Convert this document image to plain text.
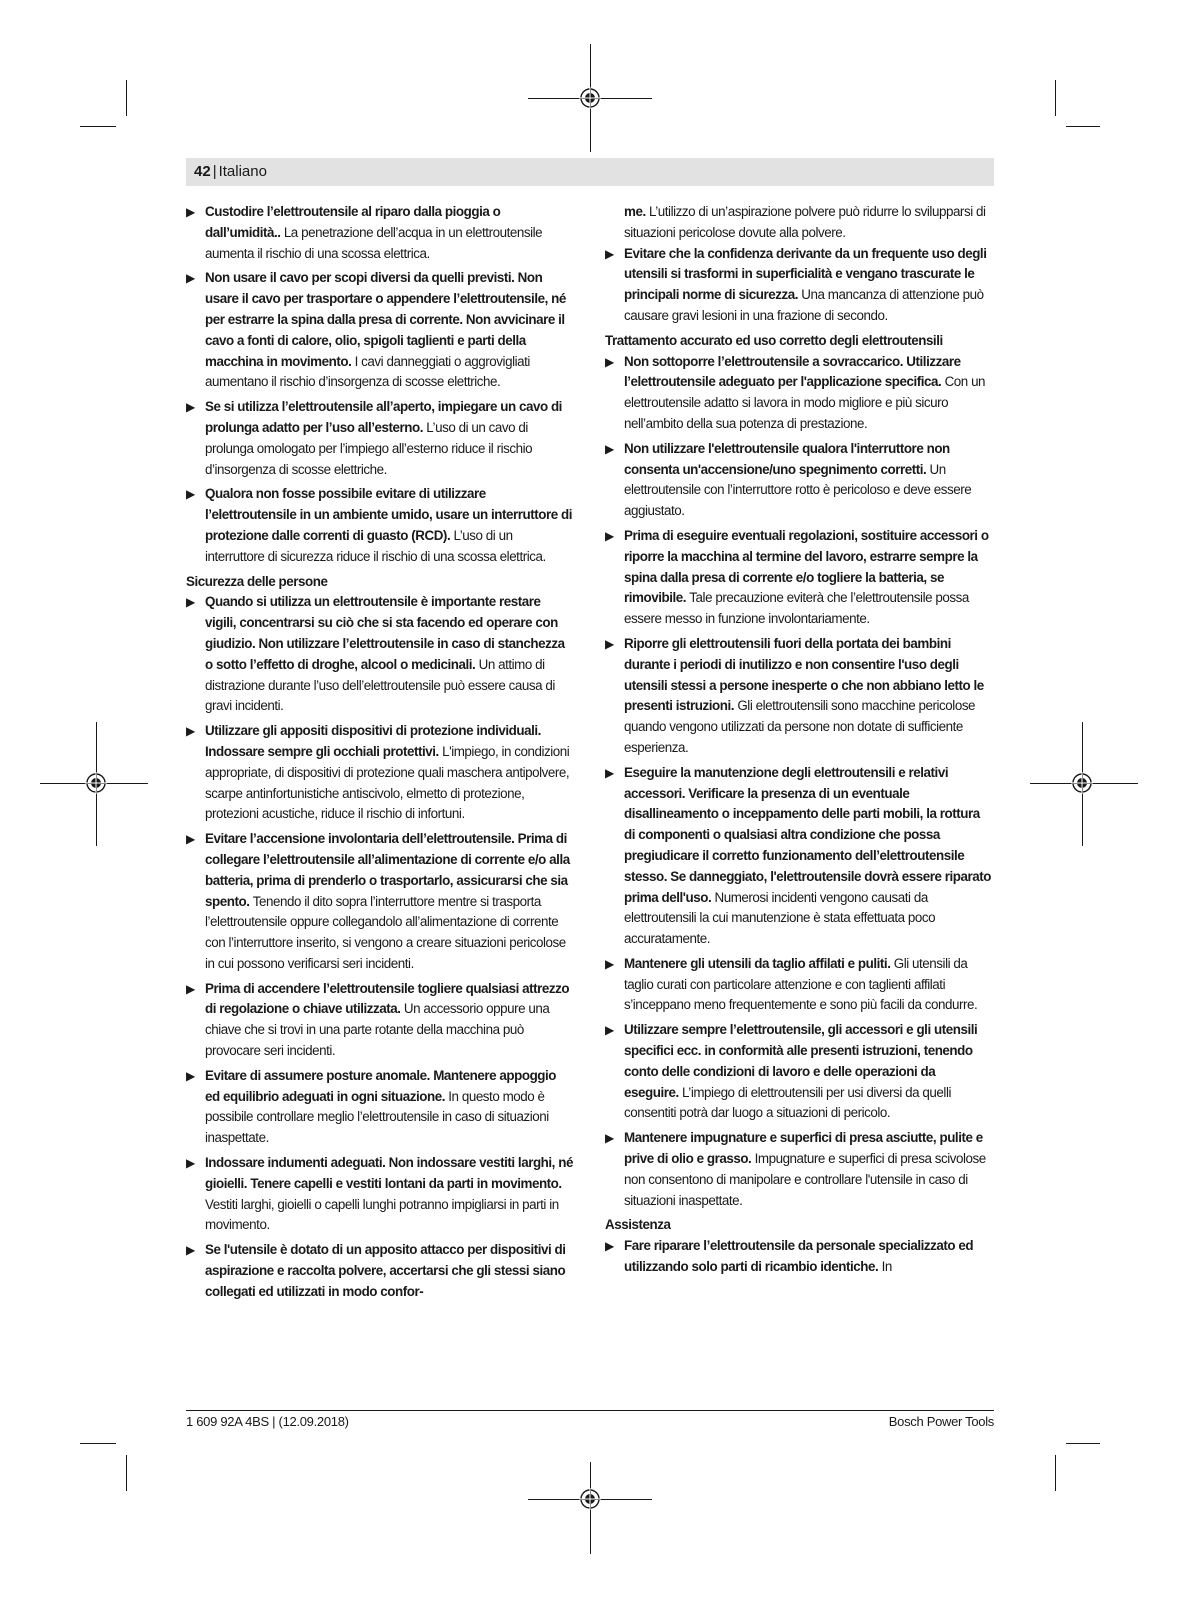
42 | Italiano
▶ Custodire l’elettroutensile al riparo dalla pioggia o dall’umidità.. La penetrazione dell’acqua in un elettroutensile aumenta il rischio di una scossa elettrica.

▶ Non usare il cavo per scopi diversi da quelli previsti. Non usare il cavo per trasportare o appendere l’elettroutensile, né per estrarre la spina dalla presa di corrente. Non avvicinare il cavo a fonti di calore, olio, spigoli taglienti e parti della macchina in movimento. I cavi danneggiati o aggrovigliati aumentano il rischio d’insorgenza di scosse elettriche.

▶ Se si utilizza l’elettroutensile all’aperto, impiegare un cavo di prolunga adatto per l’uso all’esterno. L’uso di un cavo di prolunga omologato per l’impiego all’esterno riduce il rischio d’insorgenza di scosse elettriche.

▶ Qualora non fosse possibile evitare di utilizzare l’elettroutensile in un ambiente umido, usare un interruttore di protezione dalle correnti di guasto (RCD). L’uso di un interruttore di sicurezza riduce il rischio di una scossa elettrica.

Sicurezza delle persone

▶ Quando si utilizza un elettroutensile è importante restare vigili, concentrarsi su ciò che si sta facendo ed operare con giudizio. Non utilizzare l’elettroutensile in caso di stanchezza o sotto l’effetto di droghe, alcool o medicinali. Un attimo di distrazione durante l’uso dell’elettroutensile può essere causa di gravi incidenti.

▶ Utilizzare gli appositi dispositivi di protezione individuali. Indossare sempre gli occhiali protettivi. L'impiego, in condizioni appropriate, di dispositivi di protezione quali maschera antipolvere, scarpe antinfortunistiche antiscivolo, elmetto di protezione, protezioni acustiche, riduce il rischio di infortuni.

▶ Evitare l’accensione involontaria dell’elettroutensile. Prima di collegare l’elettroutensile all’alimentazione di corrente e/o alla batteria, prima di prenderlo o trasportarlo, assicurarsi che sia spento. Tenendo il dito sopra l’interruttore mentre si trasporta l’elettroutensile oppure collegandolo all’alimentazione di corrente con l’interruttore inserito, si vengono a creare situazioni pericolose in cui possono verificarsi seri incidenti.

▶ Prima di accendere l’elettroutensile togliere qualsiasi attrezzo di regolazione o chiave utilizzata. Un accessorio oppure una chiave che si trovi in una parte rotante della macchina può provocare seri incidenti.

▶ Evitare di assumere posture anomale. Mantenere appoggio ed equilibrio adeguati in ogni situazione. In questo modo è possibile controllare meglio l’elettroutensile in caso di situazioni inaspettate.

▶ Indossare indumenti adeguati. Non indossare vestiti larghi, né gioielli. Tenere capelli e vestiti lontani da parti in movimento. Vestiti larghi, gioielli o capelli lunghi potranno impigliarsi in parti in movimento.

▶ Se l'utensile è dotato di un apposito attacco per dispositivi di aspirazione e raccolta polvere, accertarsi che gli stessi siano collegati ed utilizzati in modo confor-

me. L’utilizzo di un’aspirazione polvere può ridurre lo svilupparsi di situazioni pericolose dovute alla polvere.

▶ Evitare che la confidenza derivante da un frequente uso degli utensili si trasformi in superficialità e vengano trascurate le principali norme di sicurezza. Una mancanza di attenzione può causare gravi lesioni in una frazione di secondo.

Trattamento accurato ed uso corretto degli elettroutensili

▶ Non sottoporre l’elettroutensile a sovraccarico. Utilizzare l’elettroutensile adeguato per l'applicazione specifica. Con un elettroutensile adatto si lavora in modo migliore e più sicuro nell’ambito della sua potenza di prestazione.

▶ Non utilizzare l'elettroutensile qualora l'interruttore non consenta un'accensione/uno spegnimento corretti. Un elettroutensile con l’interruttore rotto è pericoloso e deve essere aggiustato.

▶ Prima di eseguire eventuali regolazioni, sostituire accessori o riporre la macchina al termine del lavoro, estrarre sempre la spina dalla presa di corrente e/o togliere la batteria, se rimovibile. Tale precauzione eviterà che l’elettroutensile possa essere messo in funzione involontariamente.

▶ Riporre gli elettroutensili fuori della portata dei bambini durante i periodi di inutilizzo e non consentire l'uso degli utensili stessi a persone inesperte o che non abbiano letto le presenti istruzioni. Gli elettroutensili sono macchine pericolose quando vengono utilizzati da persone non dotate di sufficiente esperienza.

▶ Eseguire la manutenzione degli elettroutensili e relativi accessori. Verificare la presenza di un eventuale disallineamento o inceppamento delle parti mobili, la rottura di componenti o qualsiasi altra condizione che possa pregiudicare il corretto funzionamento dell’elettroutensile stesso. Se danneggiato, l'elettroutensile dovrà essere riparato prima dell'uso. Numerosi incidenti vengono causati da elettroutensili la cui manutenzione è stata effettuata poco accuratamente.

▶ Mantenere gli utensili da taglio affilati e puliti. Gli utensili da taglio curati con particolare attenzione e con taglienti affilati s’inceppano meno frequentemente e sono più facili da condurre.

▶ Utilizzare sempre l’elettroutensile, gli accessori e gli utensili specifici ecc. in conformità alle presenti istruzioni, tenendo conto delle condizioni di lavoro e delle operazioni da eseguire. L’impiego di elettroutensili per usi diversi da quelli consentiti potrà dar luogo a situazioni di pericolo.

▶ Mantenere impugnature e superfici di presa asciutte, pulite e prive di olio e grasso. Impugnature e superfici di presa scivolose non consentono di manipolare e controllare l'utensile in caso di situazioni inaspettate.

Assistenza

▶ Fare riparare l’elettroutensile da personale specializzato ed utilizzando solo parti di ricambio identiche. In

1 609 92A 4BS | (12.09.2018)	Bosch Power Tools
